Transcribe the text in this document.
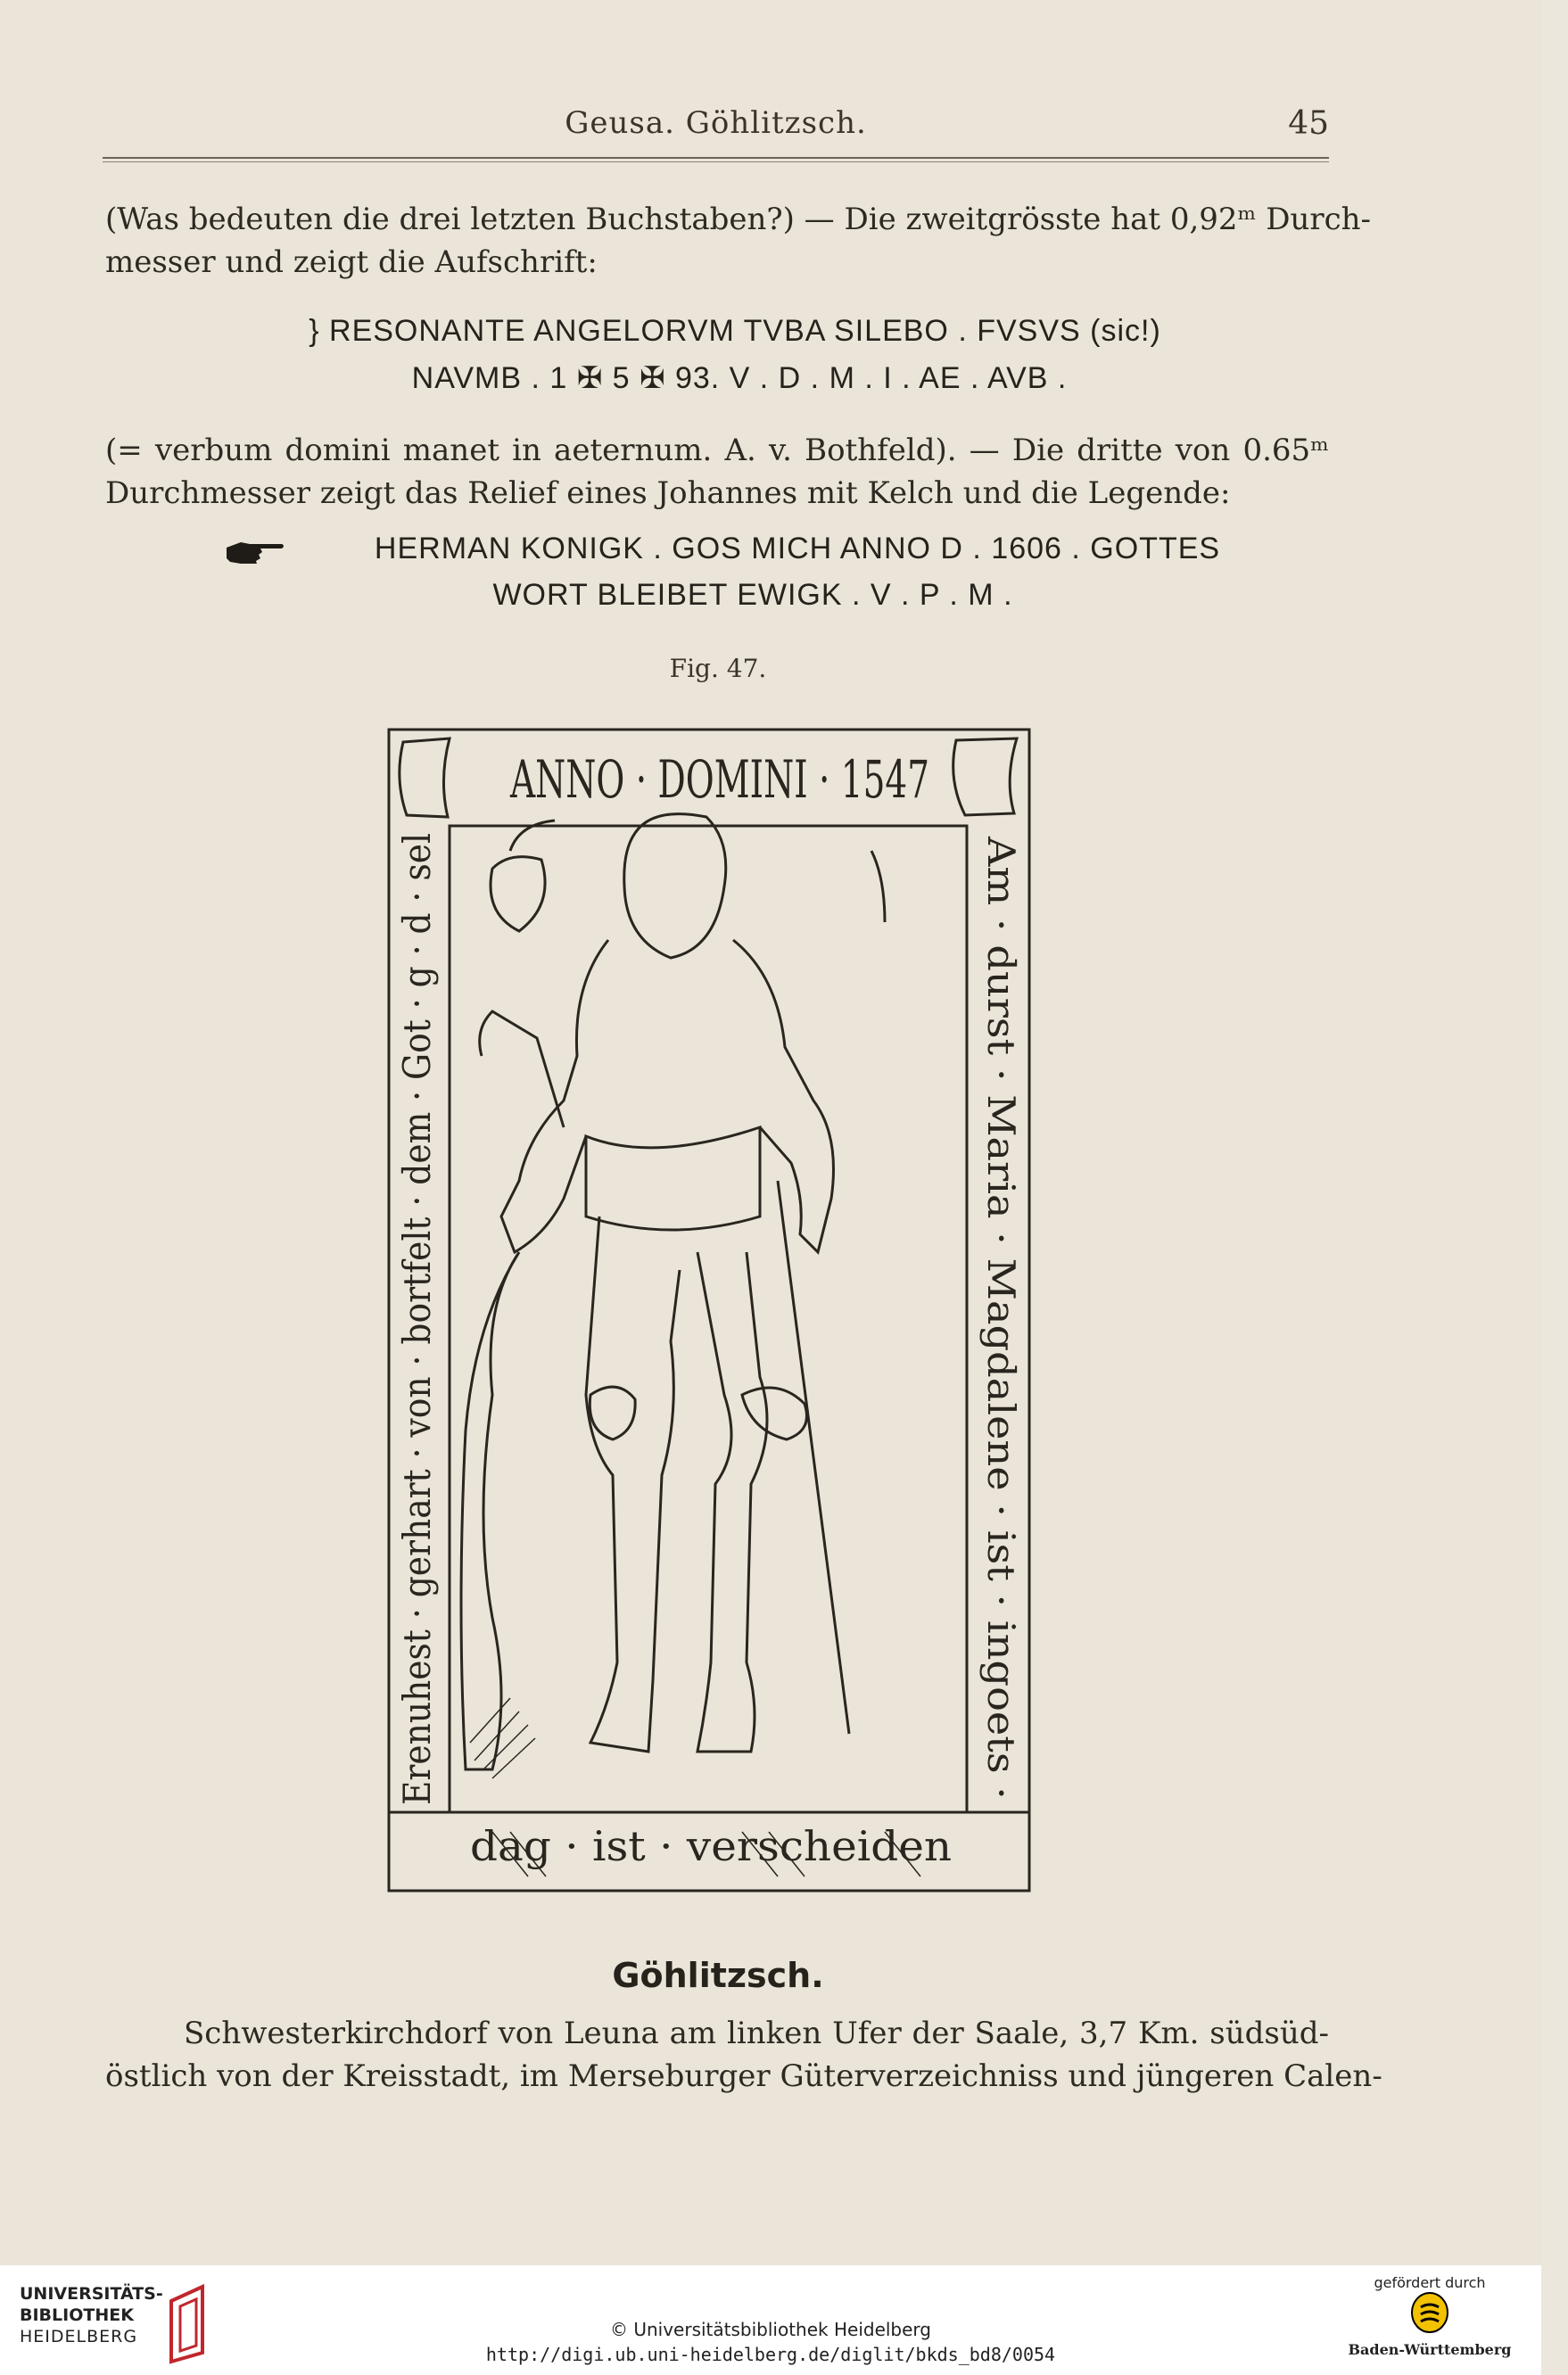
Geusa. Göhlitzsch.	45
(Was bedeuten die drei letzten Buchstaben?) — Die zweitgrösste hat 0,92ᵐ Durch-
messer und zeigt die Aufschrift:
} RESONANTE ANGELORVM TVBA SILEBO . FVSVS (sic!)
NAVMB . 1 ✠ 5 ✠ 93. V . D . M . I . AE . AVB .
(= verbum domini manet in aeternum. A. v. Bothfeld). — Die dritte von 0.65ᵐ
Durchmesser zeigt das Relief eines Johannes mit Kelch und die Legende:
HERMAN KONIGK . GOS MICH ANNO D . 1606 . GOTTES
WORT BLEIBET EWIGK . V . P . M .
Fig. 47.
ANNO · DOMINI · 1547
Erenuhest · gerhart · von · bortfelt · dem · Got · g · d · sel	Am · durst · Maria · Magdalene · ist · ingoets ·
dag · ist · verscheiden
Göhlitzsch.
Schwesterkirchdorf von Leuna am linken Ufer der Saale, 3,7 Km. südsüd-
östlich von der Kreisstadt, im Merseburger Güterverzeichniss und jüngeren Calen-
UNIVERSITÄTS-
BIBLIOTHEK
HEIDELBERG	© Universitätsbibliothek Heidelberg
http://digi.ub.uni-heidelberg.de/diglit/bkds_bd8/0054
gefördert durch
Baden-Württemberg
